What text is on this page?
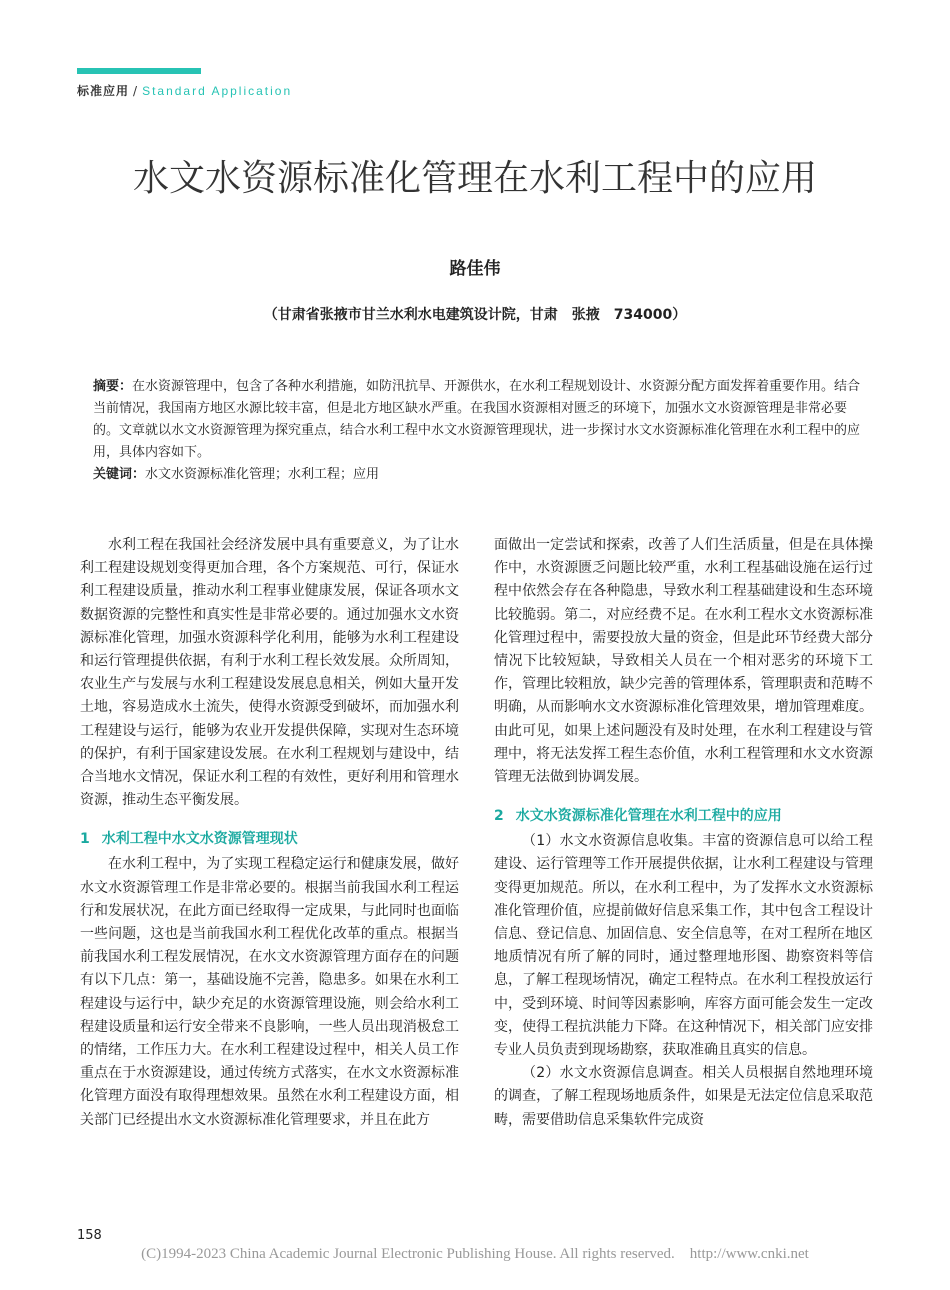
标准应用 / Standard Application
水文水资源标准化管理在水利工程中的应用
路佳伟
（甘肃省张掖市甘兰水利水电建筑设计院，甘肃　张掖　734000）
摘要：在水资源管理中，包含了各种水利措施，如防汛抗旱、开源供水，在水利工程规划设计、水资源分配方面发挥着重要作用。结合当前情况，我国南方地区水源比较丰富，但是北方地区缺水严重。在我国水资源相对匮乏的环境下，加强水文水资源管理是非常必要的。文章就以水文水资源管理为探究重点，结合水利工程中水文水资源管理现状，进一步探讨水文水资源标准化管理在水利工程中的应用，具体内容如下。
关键词：水文水资源标准化管理；水利工程；应用

水利工程在我国社会经济发展中具有重要意义，为了让水利工程建设规划变得更加合理，各个方案规范、可行，保证水利工程建设质量，推动水利工程事业健康发展，保证各项水文数据资源的完整性和真实性是非常必要的。通过加强水文水资源标准化管理，加强水资源科学化利用，能够为水利工程建设和运行管理提供依据，有利于水利工程长效发展。众所周知，农业生产与发展与水利工程建设发展息息相关，例如大量开发土地，容易造成水土流失，使得水资源受到破坏，而加强水利工程建设与运行，能够为农业开发提供保障，实现对生态环境的保护，有利于国家建设发展。在水利工程规划与建设中，结合当地水文情况，保证水利工程的有效性，更好利用和管理水资源，推动生态平衡发展。

1 水利工程中水文水资源管理现状

在水利工程中，为了实现工程稳定运行和健康发展，做好水文水资源管理工作是非常必要的。根据当前我国水利工程运行和发展状况，在此方面已经取得一定成果，与此同时也面临一些问题，这也是当前我国水利工程优化改革的重点。根据当前我国水利工程发展情况，在水文水资源管理方面存在的问题有以下几点：第一，基础设施不完善，隐患多。如果在水利工程建设与运行中，缺少充足的水资源管理设施，则会给水利工程建设质量和运行安全带来不良影响，一些人员出现消极怠工的情绪，工作压力大。在水利工程建设过程中，相关人员工作重点在于水资源建设，通过传统方式落实，在水文水资源标准化管理方面没有取得理想效果。虽然在水利工程建设方面，相关部门已经提出水文水资源标准化管理要求，并且在此方

面做出一定尝试和探索，改善了人们生活质量，但是在具体操作中，水资源匮乏问题比较严重，水利工程基础设施在运行过程中依然会存在各种隐患，导致水利工程基础建设和生态环境比较脆弱。第二，对应经费不足。在水利工程水文水资源标准化管理过程中，需要投放大量的资金，但是此环节经费大部分情况下比较短缺，导致相关人员在一个相对恶劣的环境下工作，管理比较粗放，缺少完善的管理体系，管理职责和范畴不明确，从而影响水文水资源标准化管理效果，增加管理难度。由此可见，如果上述问题没有及时处理，在水利工程建设与管理中，将无法发挥工程生态价值，水利工程管理和水文水资源管理无法做到协调发展。

2 水文水资源标准化管理在水利工程中的应用

（1）水文水资源信息收集。丰富的资源信息可以给工程建设、运行管理等工作开展提供依据，让水利工程建设与管理变得更加规范。所以，在水利工程中，为了发挥水文水资源标准化管理价值，应提前做好信息采集工作，其中包含工程设计信息、登记信息、加固信息、安全信息等，在对工程所在地区地质情况有所了解的同时，通过整理地形图、勘察资料等信息，了解工程现场情况，确定工程特点。在水利工程投放运行中，受到环境、时间等因素影响，库容方面可能会发生一定改变，使得工程抗洪能力下降。在这种情况下，相关部门应安排专业人员负责到现场勘察，获取准确且真实的信息。

（2）水文水资源信息调查。相关人员根据自然地理环境的调查，了解工程现场地质条件，如果是无法定位信息采取范畴，需要借助信息采集软件完成资

158
(C)1994-2023 China Academic Journal Electronic Publishing House. All rights reserved.　http://www.cnki.net
